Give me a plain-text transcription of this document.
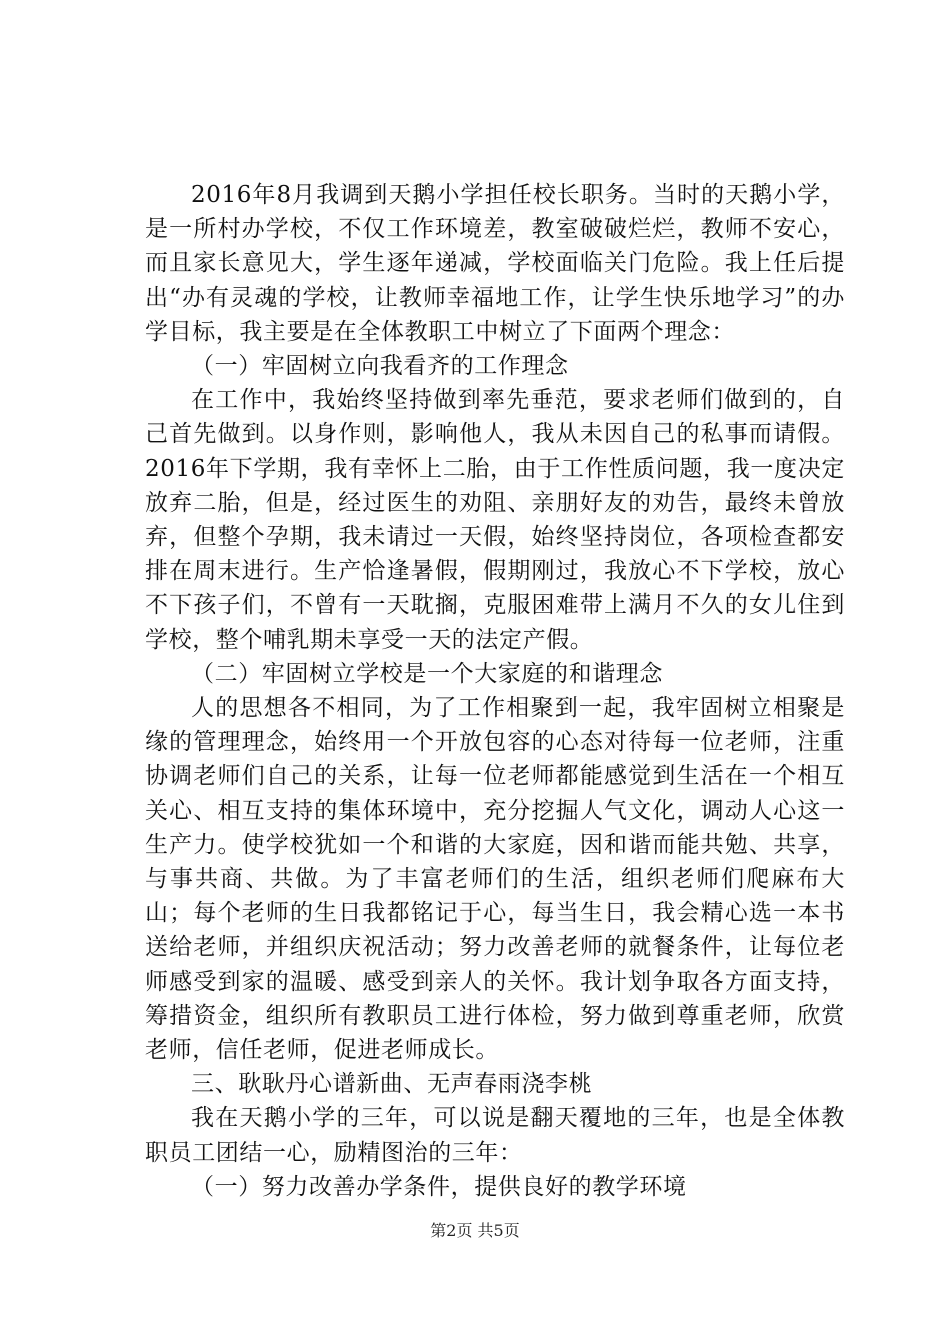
2016年8月我调到天鹅小学担任校长职务。当时的天鹅小学，是一所村办学校，不仅工作环境差，教室破破烂烂，教师不安心，而且家长意见大，学生逐年递减，学校面临关门危险。我上任后提出“办有灵魂的学校，让教师幸福地工作，让学生快乐地学习”的办学目标，我主要是在全体教职工中树立了下面两个理念：

（一）牢固树立向我看齐的工作理念

在工作中，我始终坚持做到率先垂范，要求老师们做到的，自己首先做到。以身作则，影响他人，我从未因自己的私事而请假。2016年下学期，我有幸怀上二胎，由于工作性质问题，我一度决定放弃二胎，但是，经过医生的劝阻、亲朋好友的劝告，最终未曾放弃，但整个孕期，我未请过一天假，始终坚持岗位，各项检查都安排在周末进行。生产恰逢暑假，假期刚过，我放心不下学校，放心不下孩子们，不曾有一天耽搁，克服困难带上满月不久的女儿住到学校，整个哺乳期未享受一天的法定产假。

（二）牢固树立学校是一个大家庭的和谐理念

人的思想各不相同，为了工作相聚到一起，我牢固树立相聚是缘的管理理念，始终用一个开放包容的心态对待每一位老师，注重协调老师们自己的关系，让每一位老师都能感觉到生活在一个相互关心、相互支持的集体环境中，充分挖掘人气文化，调动人心这一生产力。使学校犹如一个和谐的大家庭，因和谐而能共勉、共享，与事共商、共做。为了丰富老师们的生活，组织老师们爬麻布大山；每个老师的生日我都铭记于心，每当生日，我会精心选一本书送给老师，并组织庆祝活动；努力改善老师的就餐条件，让每位老师感受到家的温暖、感受到亲人的关怀。我计划争取各方面支持，筹措资金，组织所有教职员工进行体检，努力做到尊重老师，欣赏老师，信任老师，促进老师成长。

三、耿耿丹心谱新曲、无声春雨浇李桃

我在天鹅小学的三年，可以说是翻天覆地的三年，也是全体教职员工团结一心，励精图治的三年：

（一）努力改善办学条件，提供良好的教学环境

第2页 共5页
